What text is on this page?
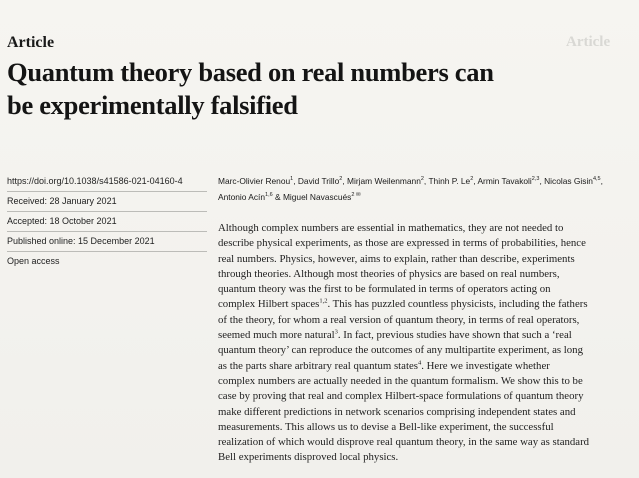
Article
Article
Quantum theory based on real numbers can
be experimentally falsified
https://doi.org/10.1038/s41586-021-04160-4
Received: 28 January 2021
Accepted: 18 October 2021
Published online: 15 December 2021
Open access
Marc-Olivier Renou$^1$, David Trillo$^2$, Mirjam Weilenmann$^2$, Thinh P. Le$^2$, Armin Tavakoli$^{2,3}$, Nicolas Gisin$^{4,5}$, Antonio Acín$^{1,6}$ & Miguel Navascués$^{2 ✉}$
Although complex numbers are essential in mathematics, they are not needed to
describe physical experiments, as those are expressed in terms of probabilities, hence
real numbers. Physics, however, aims to explain, rather than describe, experiments
through theories. Although most theories of physics are based on real numbers,
quantum theory was the first to be formulated in terms of operators acting on
complex Hilbert spaces$^{1,2}$. This has puzzled countless physicists, including the fathers
of the theory, for whom a real version of quantum theory, in terms of real operators,
seemed much more natural$^3$. In fact, previous studies have shown that such a ‘real
quantum theory’ can reproduce the outcomes of any multipartite experiment, as long
as the parts share arbitrary real quantum states$^4$. Here we investigate whether
complex numbers are actually needed in the quantum formalism. We show this to be
case by proving that real and complex Hilbert-space formulations of quantum theory
make different predictions in network scenarios comprising independent states and
measurements. This allows us to devise a Bell-like experiment, the successful
realization of which would disprove real quantum theory, in the same way as standard
Bell experiments disproved local physics.
